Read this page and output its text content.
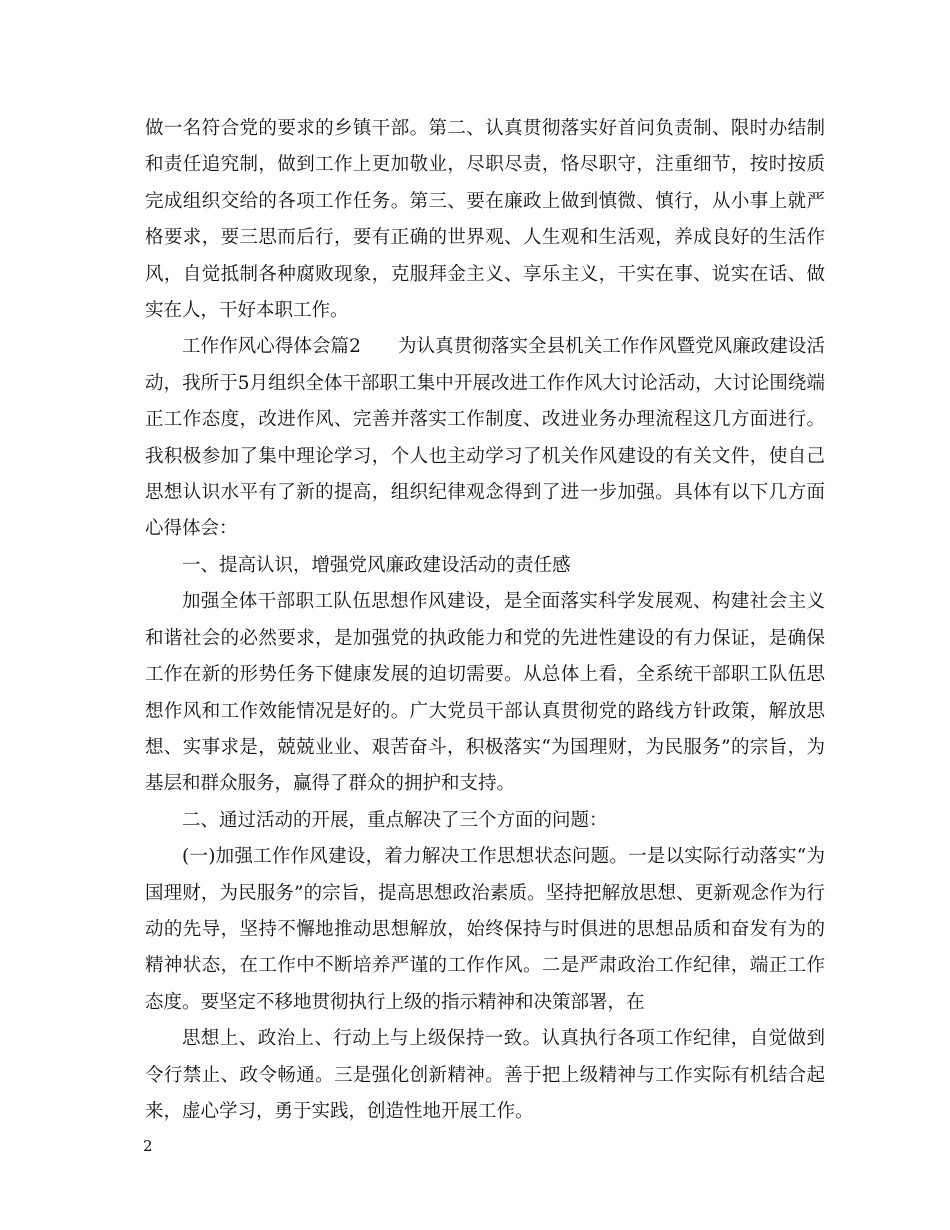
做一名符合党的要求的乡镇干部。第二、认真贯彻落实好首问负责制、限时办结制和责任追究制，做到工作上更加敬业，尽职尽责，恪尽职守，注重细节，按时按质完成组织交给的各项工作任务。第三、要在廉政上做到慎微、慎行，从小事上就严格要求，要三思而后行，要有正确的世界观、人生观和生活观，养成良好的生活作风，自觉抵制各种腐败现象，克服拜金主义、享乐主义，干实在事、说实在话、做实在人，干好本职工作。

工作作风心得体会篇2　　为认真贯彻落实全县机关工作作风暨党风廉政建设活动，我所于5月组织全体干部职工集中开展改进工作作风大讨论活动，大讨论围绕端正工作态度，改进作风、完善并落实工作制度、改进业务办理流程这几方面进行。我积极参加了集中理论学习，个人也主动学习了机关作风建设的有关文件，使自己思想认识水平有了新的提高，组织纪律观念得到了进一步加强。具体有以下几方面心得体会：

一、提高认识，增强党风廉政建设活动的责任感

加强全体干部职工队伍思想作风建设，是全面落实科学发展观、构建社会主义和谐社会的必然要求，是加强党的执政能力和党的先进性建设的有力保证，是确保工作在新的形势任务下健康发展的迫切需要。从总体上看，全系统干部职工队伍思想作风和工作效能情况是好的。广大党员干部认真贯彻党的路线方针政策，解放思想、实事求是，兢兢业业、艰苦奋斗，积极落实“为国理财，为民服务”的宗旨，为基层和群众服务，赢得了群众的拥护和支持。

二、通过活动的开展，重点解决了三个方面的问题：

(一)加强工作作风建设，着力解决工作思想状态问题。一是以实际行动落实“为国理财，为民服务”的宗旨，提高思想政治素质。坚持把解放思想、更新观念作为行动的先导，坚持不懈地推动思想解放，始终保持与时俱进的思想品质和奋发有为的精神状态，在工作中不断培养严谨的工作作风。二是严肃政治工作纪律，端正工作态度。要坚定不移地贯彻执行上级的指示精神和决策部署，在

思想上、政治上、行动上与上级保持一致。认真执行各项工作纪律，自觉做到令行禁止、政令畅通。三是强化创新精神。善于把上级精神与工作实际有机结合起来，虚心学习，勇于实践，创造性地开展工作。

2
